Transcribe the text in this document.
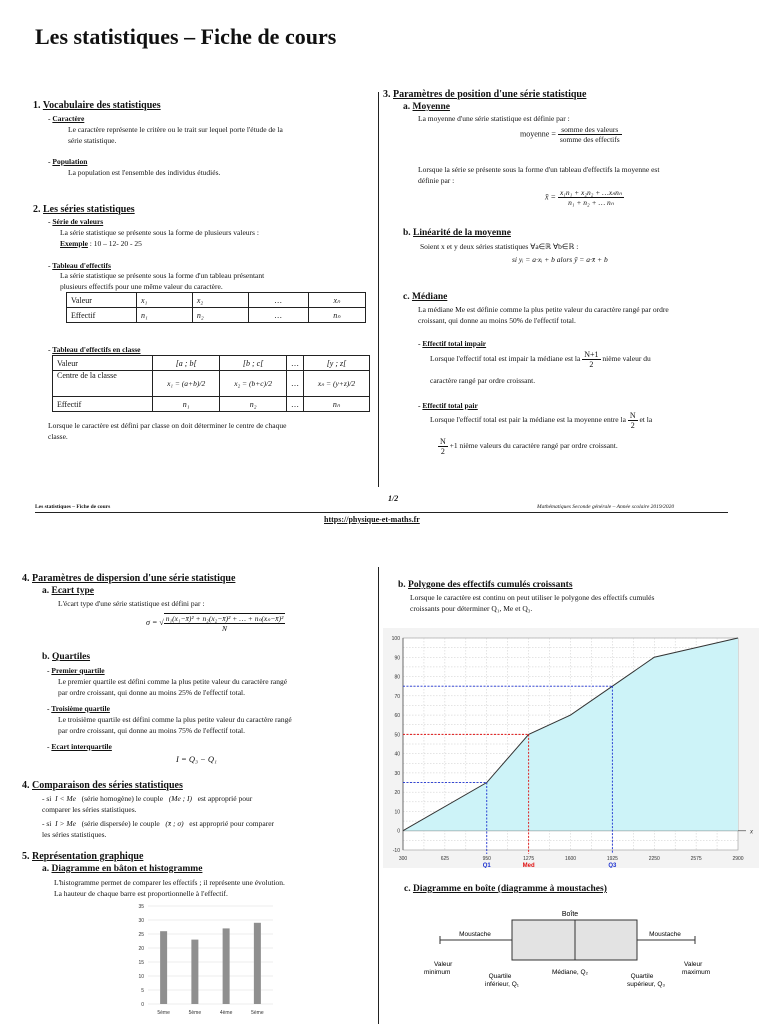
Les statistiques – Fiche de cours
1. Vocabulaire des statistiques
- Caractère
Le caractère représente le critère ou le trait sur lequel porte l'étude de la
série statistique.
- Population
La population est l'ensemble des individus étudiés.
2. Les séries statistiques
- Série de valeurs
La série statistique se présente sous la forme de plusieurs valeurs :
Exemple : 10 – 12- 20 - 25
- Tableau d'effectifs
La série statistique se présente sous la forme d'un tableau présentant
plusieurs effectifs pour une même valeur du caractère.
Valeur	x₁	x₂	…	xₙ
Effectif	n₁	n₂	…	nₙ
- Tableau d'effectifs en classe
Valeur	[a ; b[	[b ; c[	…	[y ; z[
Centre de la classe	x₁ = (a+b)/2	x₂ = (b+c)/2	…	xₙ = (y+z)/2
Effectif	n₁	n₂	…	nₙ
Lorsque le caractère est défini par classe on doit déterminer le centre de chaque
classe.
3. Paramètres de position d'une série statistique
a. Moyenne
La moyenne d'une série statistique est définie par :
moyenne = $\frac{\text{somme des valeurs}}{\text{somme des effectifs}}$
Lorsque la série se présente sous la forme d'un tableau d'effectifs la moyenne est
définie par :
x̄ = $\frac{\text{x₁n₁ + x₂n₂ + …xₙnₙ}}{\text{n₁ + n₂ + … nₙ}}$
b. Linéarité de la moyenne
Soient x et y deux séries statistiques ∀a∈ℝ ∀b∈ℝ :
si yᵢ = a·xᵢ + b alors ȳ = a·x̄ + b
c. Médiane
La médiane Me est définie comme la plus petite valeur du caractère rangé par ordre
croissant, qui donne au moins 50% de l'effectif total.
- Effectif total impair
Lorsque l'effectif total est impair la médiane est la $\frac{N+1}{2}$ nième valeur du
caractère rangé par ordre croissant.
- Effectif total pair
Lorsque l'effectif total est pair la médiane est la moyenne entre la $\frac{N}{2}$ et la
$\frac{N}{2} +1$ nième valeurs du caractère rangé par ordre croissant.
1/2
Les statistiques – Fiche de cours	Mathématiques Seconde générale – Année scolaire 2019/2020
https://physique-et-maths.fr
4. Paramètres de dispersion d'une série statistique
a. Ecart type
L'écart type d'une série statistique est défini par :
σ = √ $\frac{\text{n₁(x₁−x̄)² + n₂(x₂−x̄)² + … + nₙ(xₙ−x̄)²}}{N}$
b. Quartiles
- Premier quartile
Le premier quartile est défini comme la plus petite valeur du caractère rangé
par ordre croissant, qui donne au moins 25% de l'effectif total.
- Troisième quartile
Le troisième quartile est défini comme la plus petite valeur du caractère rangé
par ordre croissant, qui donne au moins 75% de l'effectif total.
- Ecart interquartile
I = Q₃ − Q₁
4. Comparaison des séries statistiques
- si I < Me (série homogène) le couple (Me ; I) est approprié pour
comparer les séries statistiques.
- si I > Me (série dispersée) le couple (x̄ ; σ) est approprié pour comparer
les séries statistiques.
5. Représentation graphique
a. Diagramme en bâton et histogramme
L'histogramme permet de comparer les effectifs ; il représente une évolution.
La hauteur de chaque barre est proportionnelle à l'effectif.
0
5
10
15
20
25
30
35
5ème	5ème	4ème	5ème
b. Polygone des effectifs cumulés croissants
Lorsque le caractère est continu on peut utiliser le polygone des effectifs cumulés
croissants pour déterminer Q₁, Me et Q₃.
-10
0
10
20
30
40
50
60
70
80
90
100
300	625	950	1275	1600	1925	2250	2575	2900
x
Q1	Med	Q3
c. Diagramme en boîte (diagramme à moustaches)
Boîte
Moustache	Moustache
Valeur
minimum
Valeur
maximum
Quartile
inférieur, Q₁
Médiane, Q₂
Quartile
supérieur, Q₃
